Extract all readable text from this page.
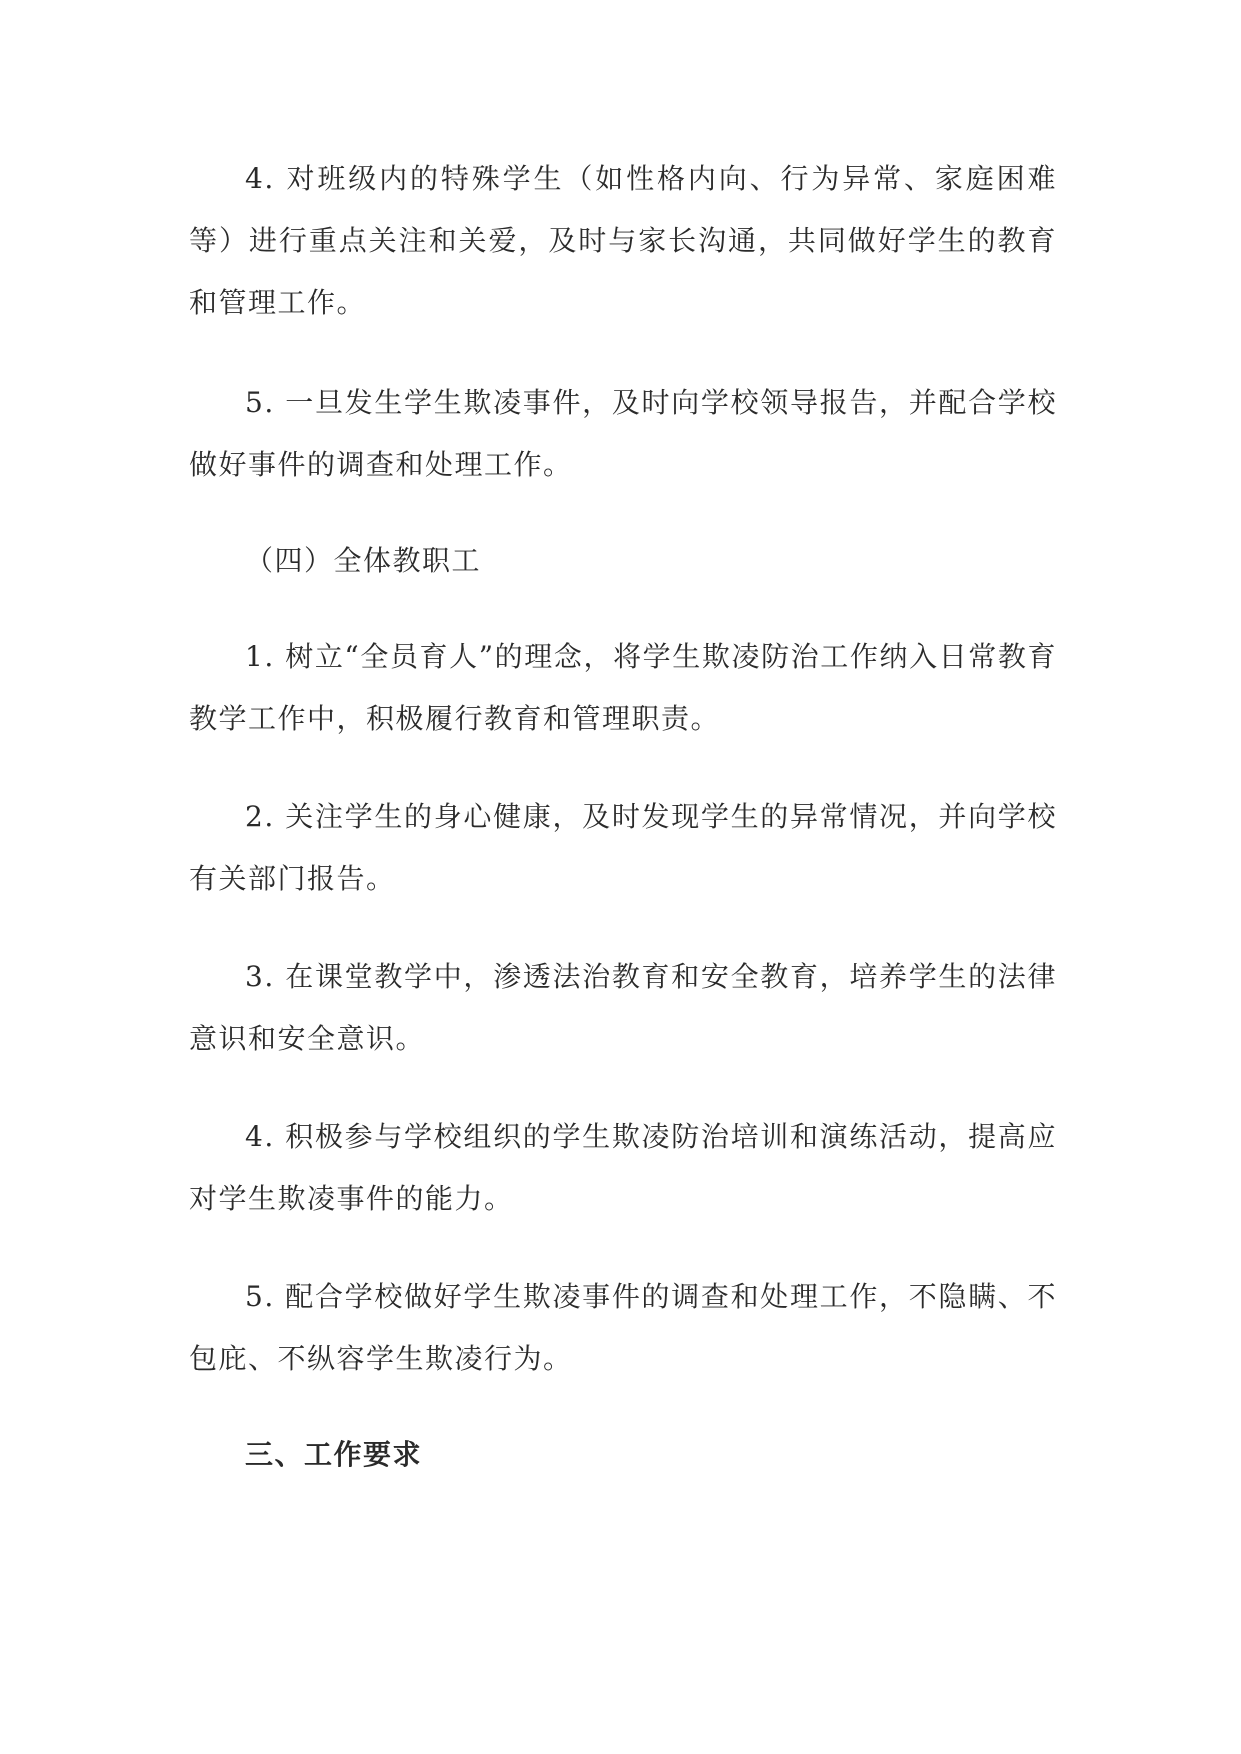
4. 对班级内的特殊学生（如性格内向、行为异常、家庭困难等）进行重点关注和关爱，及时与家长沟通，共同做好学生的教育和管理工作。

5. 一旦发生学生欺凌事件，及时向学校领导报告，并配合学校做好事件的调查和处理工作。

（四）全体教职工

1. 树立“全员育人”的理念，将学生欺凌防治工作纳入日常教育教学工作中，积极履行教育和管理职责。

2. 关注学生的身心健康，及时发现学生的异常情况，并向学校有关部门报告。

3. 在课堂教学中，渗透法治教育和安全教育，培养学生的法律意识和安全意识。

4. 积极参与学校组织的学生欺凌防治培训和演练活动，提高应对学生欺凌事件的能力。

5. 配合学校做好学生欺凌事件的调查和处理工作，不隐瞒、不包庇、不纵容学生欺凌行为。

三、工作要求
